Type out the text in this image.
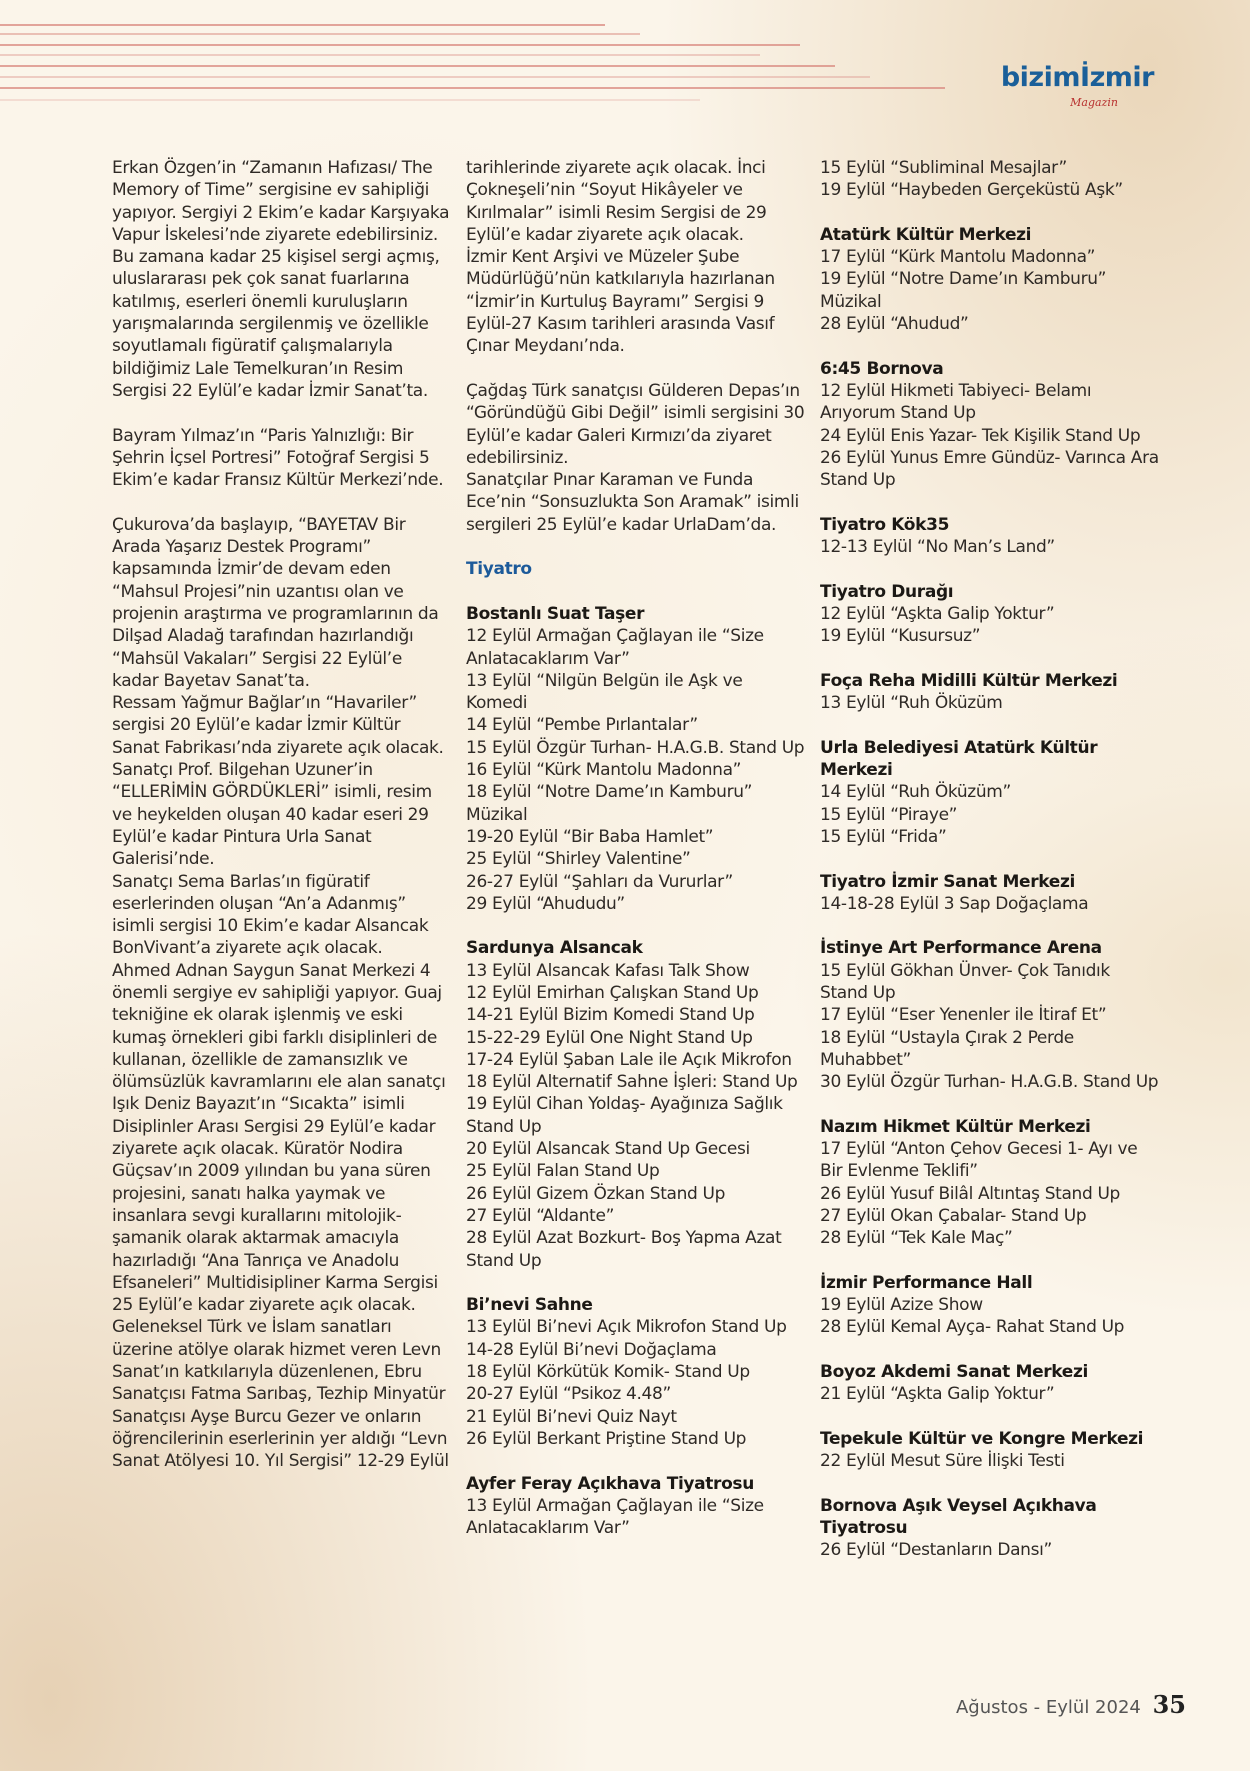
bizimİzmir
Magazin

Erkan Özgen’in “Zamanın Hafızası/ The Memory of Time” sergisine ev sahipliği yapıyor. Sergiyi 2 Ekim’e kadar Karşıyaka Vapur İskelesi’nde ziyarete edebilirsiniz.

Bu zamana kadar 25 kişisel sergi açmış, uluslararası pek çok sanat fuarlarına katılmış, eserleri önemli kuruluşların yarışmalarında sergilenmiş ve özellikle soyutlamalı figüratif çalışmalarıyla bildiğimiz Lale Temelkuran’ın Resim Sergisi 22 Eylül’e kadar İzmir Sanat’ta.

Bayram Yılmaz’ın “Paris Yalnızlığı: Bir Şehrin İçsel Portresi” Fotoğraf Sergisi 5 Ekim’e kadar Fransız Kültür Merkezi’nde.

Çukurova’da başlayıp, “BAYETAV Bir Arada Yaşarız Destek Programı” kapsamında İzmir’de devam eden “Mahsul Projesi”nin uzantısı olan ve projenin araştırma ve programlarının da Dilşad Aladağ tarafından hazırlandığı “Mahsül Vakaları” Sergisi 22 Eylül’e kadar Bayetav Sanat’ta.

Ressam Yağmur Bağlar’ın “Havariler” sergisi 20 Eylül’e kadar İzmir Kültür Sanat Fabrikası’nda ziyarete açık olacak.

Sanatçı Prof. Bilgehan Uzuner’in “ELLERİMİN GÖRDÜKLERİ” isimli, resim ve heykelden oluşan 40 kadar eseri 29 Eylül’e kadar Pintura Urla Sanat Galerisi’nde.

Sanatçı Sema Barlas’ın figüratif eserlerinden oluşan “An’a Adanmış” isimli sergisi 10 Ekim’e kadar Alsancak BonVivant’a ziyarete açık olacak.

Ahmed Adnan Saygun Sanat Merkezi 4 önemli sergiye ev sahipliği yapıyor. Guaj tekniğine ek olarak işlenmiş ve eski kumaş örnekleri gibi farklı disiplinleri de kullanan, özellikle de zamansızlık ve ölümsüzlük kavramlarını ele alan sanatçı Işık Deniz Bayazıt’ın “Sıcakta” isimli Disiplinler Arası Sergisi 29 Eylül’e kadar ziyarete açık olacak. Küratör Nodira Güçsav’ın 2009 yılından bu yana süren projesini, sanatı halka yaymak ve insanlara sevgi kurallarını mitolojik-şamanik olarak aktarmak amacıyla hazırladığı “Ana Tanrıça ve Anadolu Efsaneleri” Multidisipliner Karma Sergisi 25 Eylül’e kadar ziyarete açık olacak.

Geleneksel Türk ve İslam sanatları üzerine atölye olarak hizmet veren Levn Sanat’ın katkılarıyla düzenlenen, Ebru Sanatçısı Fatma Sarıbaş, Tezhip Minyatür Sanatçısı Ayşe Burcu Gezer ve onların öğrencilerinin eserlerinin yer aldığı “Levn Sanat Atölyesi 10. Yıl Sergisi” 12-29 Eylül

tarihlerinde ziyarete açık olacak. İnci Çokneşeli’nin “Soyut Hikâyeler ve Kırılmalar” isimli Resim Sergisi de 29 Eylül’e kadar ziyarete açık olacak.

İzmir Kent Arşivi ve Müzeler Şube Müdürlüğü’nün katkılarıyla hazırlanan “İzmir’in Kurtuluş Bayramı” Sergisi 9 Eylül-27 Kasım tarihleri arasında Vasıf Çınar Meydanı’nda.

Çağdaş Türk sanatçısı Gülderen Depas’ın “Göründüğü Gibi Değil” isimli sergisini 30 Eylül’e kadar Galeri Kırmızı’da ziyaret edebilirsiniz.

Sanatçılar Pınar Karaman ve Funda Ece’nin “Sonsuzlukta Son Aramak” isimli sergileri 25 Eylül’e kadar UrlaDam’da.

Tiyatro

Bostanlı Suat Taşer

12 Eylül Armağan Çağlayan ile “Size Anlatacaklarım Var”

13 Eylül “Nilgün Belgün ile Aşk ve Komedi

14 Eylül “Pembe Pırlantalar”

15 Eylül Özgür Turhan- H.A.G.B. Stand Up

16 Eylül “Kürk Mantolu Madonna”

18 Eylül “Notre Dame’ın Kamburu” Müzikal

19-20 Eylül “Bir Baba Hamlet”

25 Eylül “Shirley Valentine”

26-27 Eylül “Şahları da Vururlar”

29 Eylül “Ahududu”

Sardunya Alsancak

13 Eylül Alsancak Kafası Talk Show

12 Eylül Emirhan Çalışkan Stand Up

14-21 Eylül Bizim Komedi Stand Up

15-22-29 Eylül One Night Stand Up

17-24 Eylül Şaban Lale ile Açık Mikrofon

18 Eylül Alternatif Sahne İşleri: Stand Up

19 Eylül Cihan Yoldaş- Ayağınıza Sağlık Stand Up

20 Eylül Alsancak Stand Up Gecesi

25 Eylül Falan Stand Up

26 Eylül Gizem Özkan Stand Up

27 Eylül “Aldante”

28 Eylül Azat Bozkurt- Boş Yapma Azat Stand Up

Bi’nevi Sahne

13 Eylül Bi’nevi Açık Mikrofon Stand Up

14-28 Eylül Bi’nevi Doğaçlama

18 Eylül Körkütük Komik- Stand Up

20-27 Eylül “Psikoz 4.48”

21 Eylül Bi’nevi Quiz Nayt

26 Eylül Berkant Priştine Stand Up

Ayfer Feray Açıkhava Tiyatrosu

13 Eylül Armağan Çağlayan ile “Size Anlatacaklarım Var”

15 Eylül “Subliminal Mesajlar”

19 Eylül “Haybeden Gerçeküstü Aşk”

Atatürk Kültür Merkezi

17 Eylül “Kürk Mantolu Madonna”

19 Eylül “Notre Dame’ın Kamburu” Müzikal

28 Eylül “Ahudud”

6:45 Bornova

12 Eylül Hikmeti Tabiyeci- Belamı Arıyorum Stand Up

24 Eylül Enis Yazar- Tek Kişilik Stand Up

26 Eylül Yunus Emre Gündüz- Varınca Ara Stand Up

Tiyatro Kök35

12-13 Eylül “No Man’s Land”

Tiyatro Durağı

12 Eylül “Aşkta Galip Yoktur”

19 Eylül “Kusursuz”

Foça Reha Midilli Kültür Merkezi

13 Eylül “Ruh Öküzüm

Urla Belediyesi Atatürk Kültür Merkezi

14 Eylül “Ruh Öküzüm”

15 Eylül “Piraye”

15 Eylül “Frida”

Tiyatro İzmir Sanat Merkezi

14-18-28 Eylül 3 Sap Doğaçlama

İstinye Art Performance Arena

15 Eylül Gökhan Ünver- Çok Tanıdık Stand Up

17 Eylül “Eser Yenenler ile İtiraf Et”

18 Eylül “Ustayla Çırak 2 Perde Muhabbet”

30 Eylül Özgür Turhan- H.A.G.B. Stand Up

Nazım Hikmet Kültür Merkezi

17 Eylül “Anton Çehov Gecesi 1- Ayı ve Bir Evlenme Teklifi”

26 Eylül Yusuf Bilâl Altıntaş Stand Up

27 Eylül Okan Çabalar- Stand Up

28 Eylül “Tek Kale Maç”

İzmir Performance Hall

19 Eylül Azize Show

28 Eylül Kemal Ayça- Rahat Stand Up

Boyoz Akdemi Sanat Merkezi

21 Eylül “Aşkta Galip Yoktur”

Tepekule Kültür ve Kongre Merkezi

22 Eylül Mesut Süre İlişki Testi

Bornova Aşık Veysel Açıkhava Tiyatrosu

26 Eylül “Destanların Dansı”

Ağustos - Eylül 2024 35
